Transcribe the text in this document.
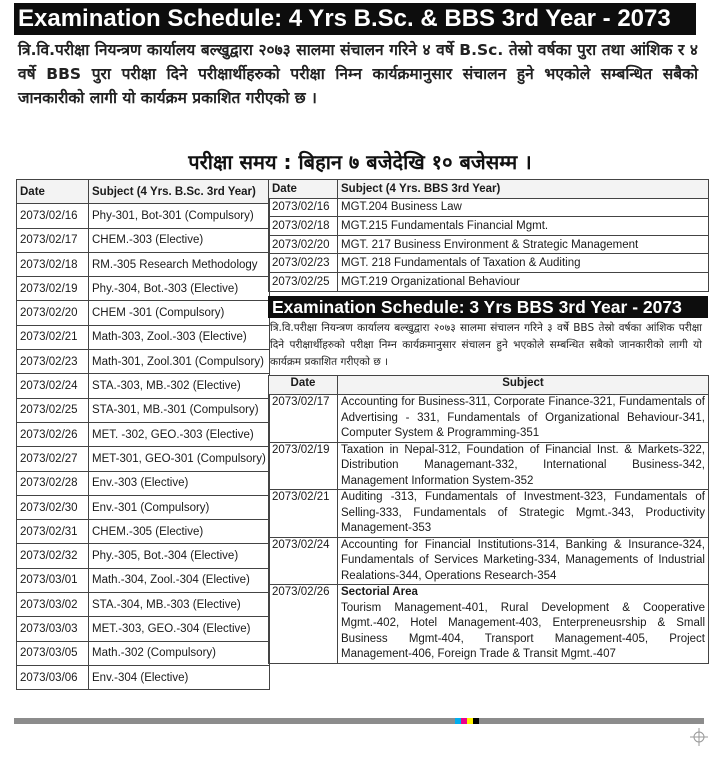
Examination Schedule: 4 Yrs B.Sc. & BBS 3rd Year - 2073
त्रि.वि.परीक्षा नियन्त्रण कार्यालय बल्खुद्वारा २०७३ सालमा संचालन गरिने ४ वर्षे B.Sc. तेस्रो वर्षका पुरा तथा आंशिक र ४ वर्षे BBS पुरा परीक्षा दिने परीक्षार्थीहरुको परीक्षा निम्न कार्यक्रमानुसार संचालन हुने भएकोले सम्बन्धित सबैको जानकारीको लागी यो कार्यक्रम प्रकाशित गरीएको छ ।
परीक्षा समय : बिहान ७ बजेदेखि १० बजेसम्म ।
Date	Subject (4 Yrs. B.Sc. 3rd Year)
2073/02/16	Phy-301, Bot-301 (Compulsory)
2073/02/17	CHEM.-303 (Elective)
2073/02/18	RM.-305 Research Methodology
2073/02/19	Phy.-304, Bot.-303 (Elective)
2073/02/20	CHEM -301 (Compulsory)
2073/02/21	Math-303, Zool.-303 (Elective)
2073/02/23	Math-301, Zool.301 (Compulsory)
2073/02/24	STA.-303, MB.-302 (Elective)
2073/02/25	STA-301, MB.-301 (Compulsory)
2073/02/26	MET. -302, GEO.-303 (Elective)
2073/02/27	MET-301, GEO-301 (Compulsory)
2073/02/28	Env.-303 (Elective)
2073/02/30	Env.-301 (Compulsory)
2073/02/31	CHEM.-305 (Elective)
2073/02/32	Phy.-305, Bot.-304 (Elective)
2073/03/01	Math.-304, Zool.-304 (Elective)
2073/03/02	STA.-304, MB.-303 (Elective)
2073/03/03	MET.-303, GEO.-304 (Elective)
2073/03/05	Math.-302 (Compulsory)
2073/03/06	Env.-304 (Elective)
Date	Subject (4 Yrs. BBS 3rd Year)
2073/02/16	MGT.204 Business Law
2073/02/18	MGT.215 Fundamentals Financial Mgmt.
2073/02/20	MGT. 217 Business Environment & Strategic Management
2073/02/23	MGT. 218 Fundamentals of Taxation & Auditing
2073/02/25	MGT.219 Organizational Behaviour
Examination Schedule: 3 Yrs BBS 3rd Year - 2073
त्रि.वि.परीक्षा नियन्त्रण कार्यालय बल्खुद्वारा २०७३ सालमा संचालन गरिने ३ वर्षे BBS तेस्रो वर्षका आंशिक परीक्षा दिने परीक्षार्थीहरुको परीक्षा निम्न कार्यक्रमानुसार संचालन हुने भएकोले सम्बन्धित सबैको जानकारीको लागी यो कार्यक्रम प्रकाशित गरीएको छ ।
Date	Subject
2073/02/17	Accounting for Business-311, Corporate Finance-321, Fundamentals of Advertising - 331, Fundamentals of Organizational Behaviour-341, Computer System & Programming-351
2073/02/19	Taxation in Nepal-312, Foundation of Financial Inst. & Markets-322, Distribution Managemant-332, International Business-342, Management Information System-352
2073/02/21	Auditing -313, Fundamentals of Investment-323, Fundamentals of Selling-333, Fundamentals of Strategic Mgmt.-343, Productivity Management-353
2073/02/24	Accounting for Financial Institutions-314, Banking & Insurance-324, Fundamentals of Services Marketing-334, Managements of Industrial Realations-344, Operations Research-354
2073/02/26	Sectorial Area
Tourism Management-401, Rural Development & Cooperative Mgmt.-402, Hotel Management-403, Enterpreneusrship & Small Business Mgmt-404, Transport Management-405, Project Management-406, Foreign Trade & Transit Mgmt.-407
